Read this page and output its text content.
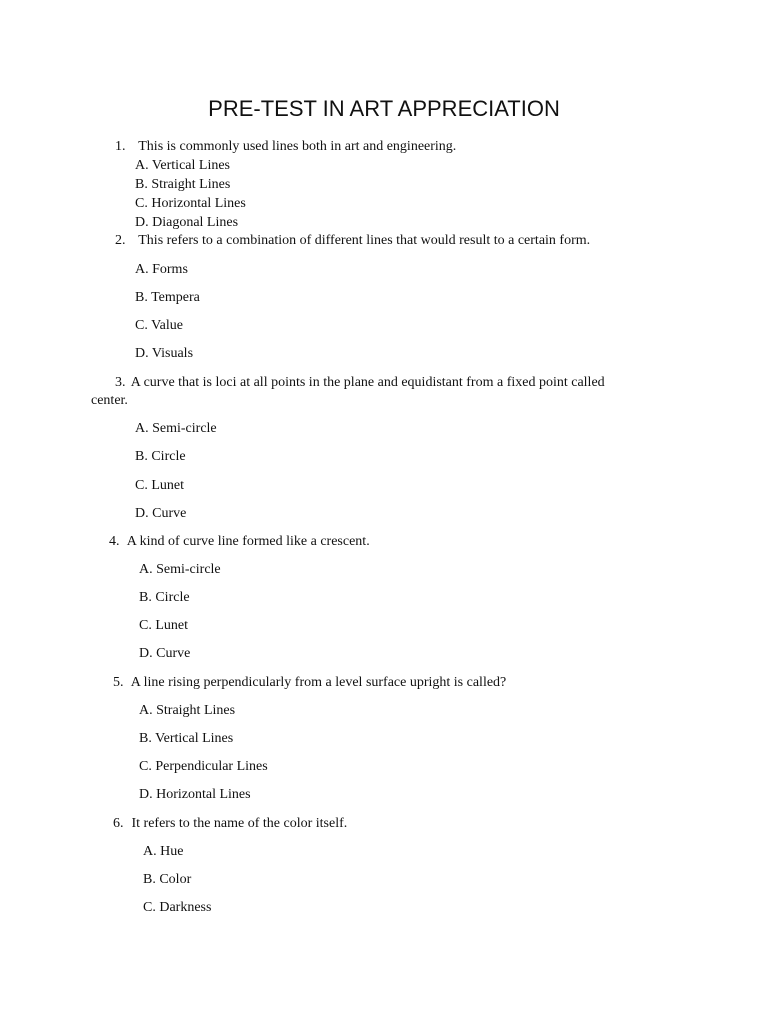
PRE-TEST IN ART APPRECIATION
1. This is commonly used lines both in art and engineering.
A. Vertical Lines
B. Straight Lines
C. Horizontal Lines
D. Diagonal Lines
2. This refers to a combination of different lines that would result to a certain form.
A. Forms
B. Tempera
C. Value
D. Visuals
3. A curve that is loci at all points in the plane and equidistant from a fixed point called
center.
A. Semi-circle
B. Circle
C. Lunet
D. Curve
4. A kind of curve line formed like a crescent.
A. Semi-circle
B. Circle
C. Lunet
D. Curve
5. A line rising perpendicularly from a level surface upright is called?
A. Straight Lines
B. Vertical Lines
C. Perpendicular Lines
D. Horizontal Lines
6. It refers to the name of the color itself.
A. Hue
B. Color
C. Darkness
